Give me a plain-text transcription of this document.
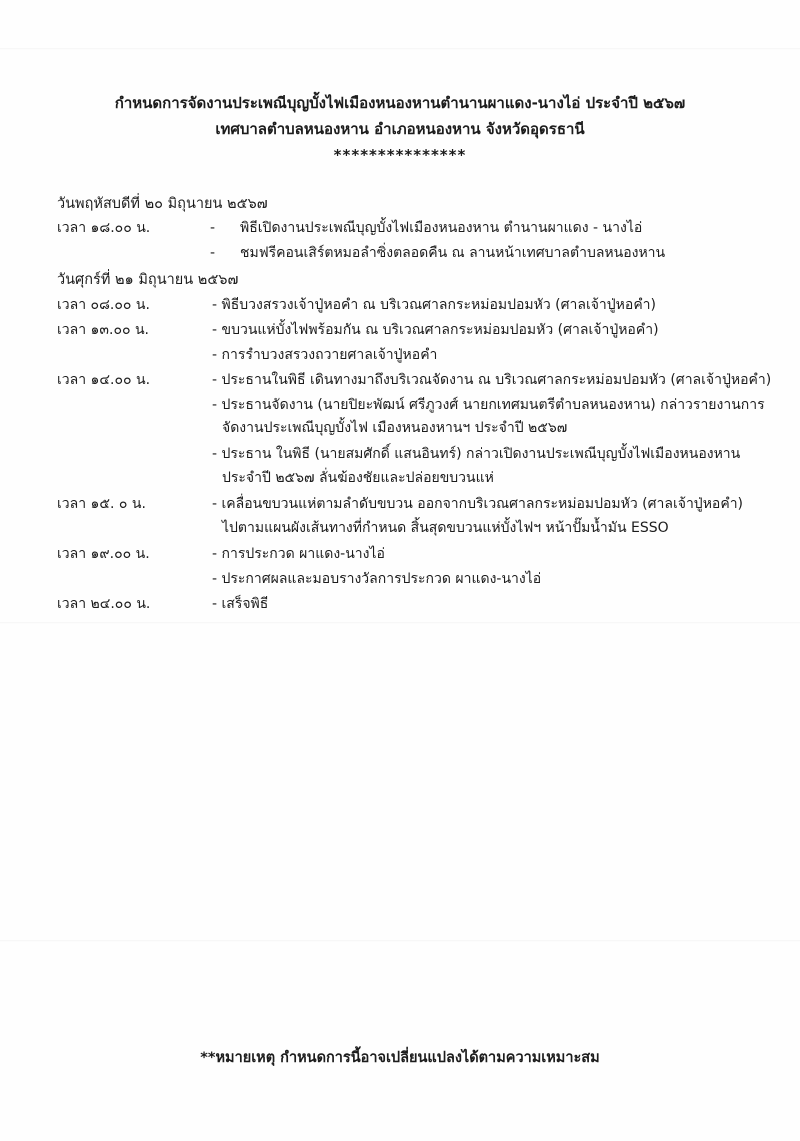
กำหนดการจัดงานประเพณีบุญบั้งไฟเมืองหนองหานตำนานผาแดง-นางไอ่ ประจำปี ๒๕๖๗
เทศบาลตำบลหนองหาน อำเภอหนองหาน จังหวัดอุดรธานี
***************
วันพฤหัสบดีที่ ๒๐ มิถุนายน ๒๕๖๗
เวลา ๑๘.๐๐ น.	- พิธีเปิดงานประเพณีบุญบั้งไฟเมืองหนองหาน ตำนานผาแดง - นางไอ่
- ชมฟรีคอนเสิร์ตหมอลำซิ่งตลอดคืน ณ ลานหน้าเทศบาลตำบลหนองหาน
วันศุกร์ที่ ๒๑ มิถุนายน ๒๕๖๗
เวลา ๐๘.๐๐ น.	- พิธีบวงสรวงเจ้าปู่หอคำ ณ บริเวณศาลกระหม่อมปอมหัว (ศาลเจ้าปู่หอคำ)
เวลา ๑๓.๐๐ น.	- ขบวนแห่บั้งไฟพร้อมกัน ณ บริเวณศาลกระหม่อมปอมหัว (ศาลเจ้าปู่หอคำ)
- การรำบวงสรวงถวายศาลเจ้าปู่หอคำ
เวลา ๑๔.๐๐ น.	- ประธานในพิธี เดินทางมาถึงบริเวณจัดงาน ณ บริเวณศาลกระหม่อมปอมหัว (ศาลเจ้าปู่หอคำ)
- ประธานจัดงาน (นายปิยะพัฒน์ ศรีภูวงศ์ นายกเทศมนตรีตำบลหนองหาน) กล่าวรายงานการ
จัดงานประเพณีบุญบั้งไฟ เมืองหนองหานฯ ประจำปี ๒๕๖๗
- ประธาน ในพิธี (นายสมศักดิ์ แสนอินทร์) กล่าวเปิดงานประเพณีบุญบั้งไฟเมืองหนองหาน
ประจำปี ๒๕๖๗ ลั่นฆ้องชัยและปล่อยขบวนแห่
เวลา ๑๕. ๐ น.	- เคลื่อนขบวนแห่ตามลำดับขบวน ออกจากบริเวณศาลกระหม่อมปอมหัว (ศาลเจ้าปู่หอคำ)
ไปตามแผนผังเส้นทางที่กำหนด สิ้นสุดขบวนแห่บั้งไฟฯ หน้าปั๊มน้ำมัน ESSO
เวลา ๑๙.๐๐ น.	- การประกวด ผาแดง-นางไอ่
- ประกาศผลและมอบรางวัลการประกวด ผาแดง-นางไอ่
เวลา ๒๔.๐๐ น.	- เสร็จพิธี
**หมายเหตุ กำหนดการนี้อาจเปลี่ยนแปลงได้ตามความเหมาะสม
